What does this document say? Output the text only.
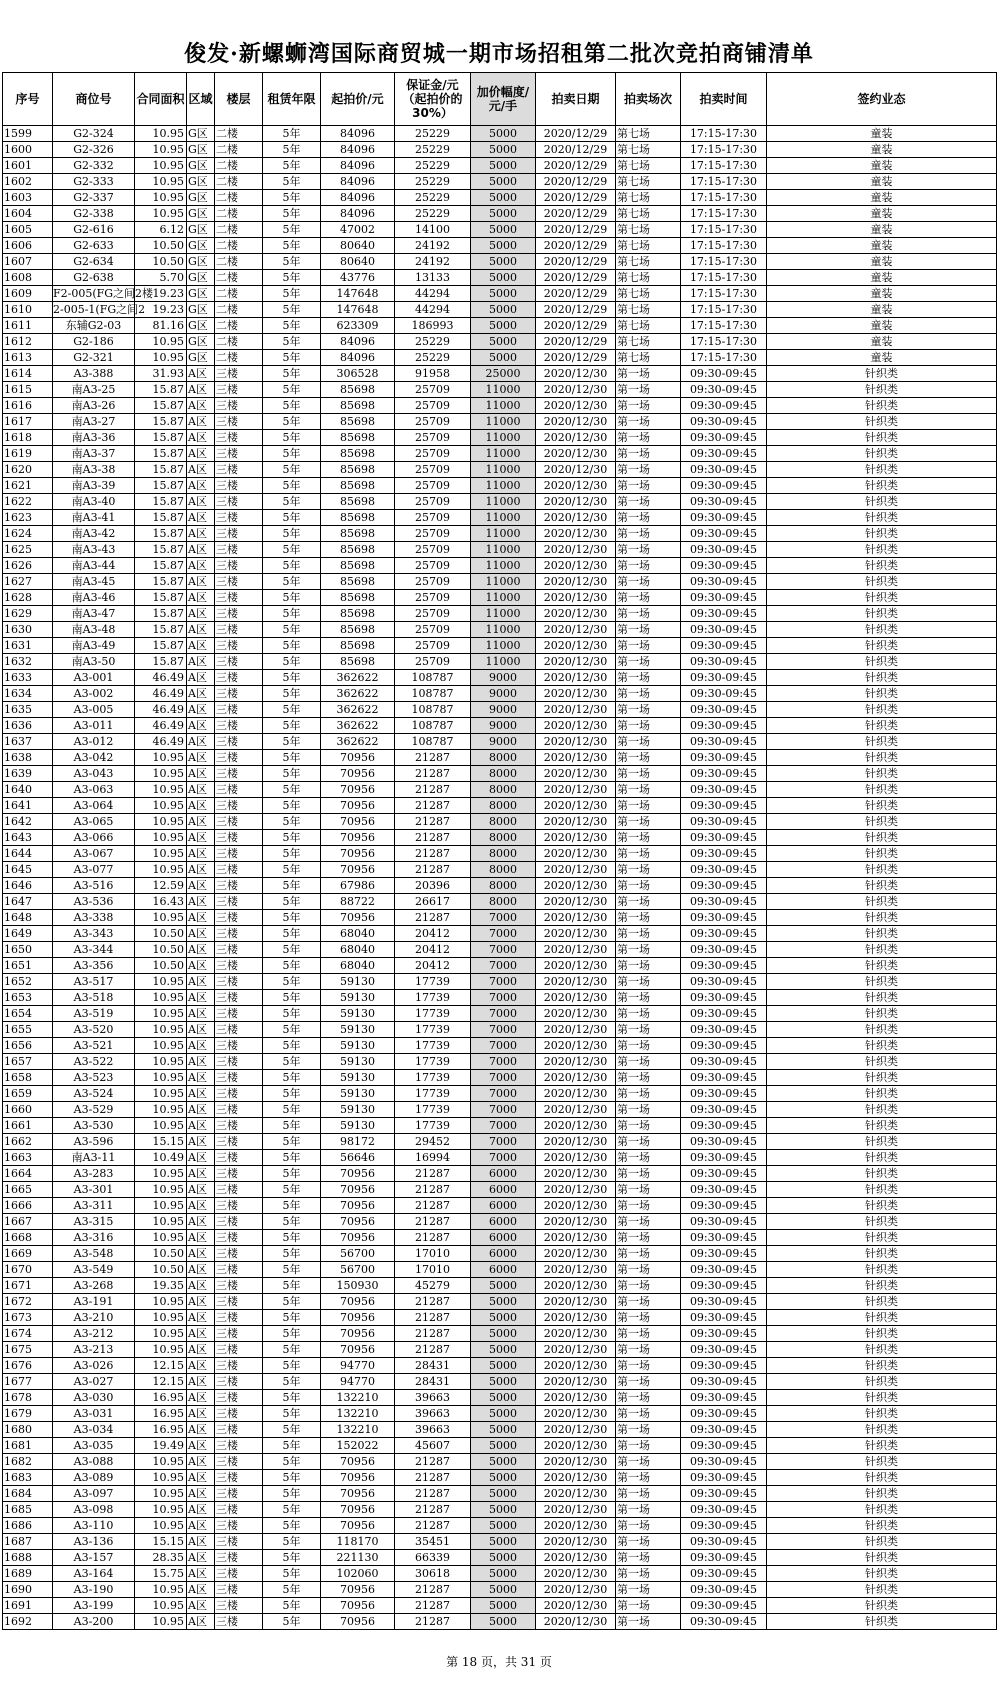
俊发·新螺蛳湾国际商贸城一期市场招租第二批次竞拍商铺清单
序号	商位号	合同面积	区域	楼层	租赁年限	起拍价/元	保证金/元（起拍价的30%）	加价幅度/元/手	拍卖日期	拍卖场次	拍卖时间	签约业态
1599	G2-324	10.95	G区	二楼	5年	84096	25229	5000	2020/12/29	第七场	17:15-17:30	童装
1600	G2-326	10.95	G区	二楼	5年	84096	25229	5000	2020/12/29	第七场	17:15-17:30	童装
1601	G2-332	10.95	G区	二楼	5年	84096	25229	5000	2020/12/29	第七场	17:15-17:30	童装
1602	G2-333	10.95	G区	二楼	5年	84096	25229	5000	2020/12/29	第七场	17:15-17:30	童装
1603	G2-337	10.95	G区	二楼	5年	84096	25229	5000	2020/12/29	第七场	17:15-17:30	童装
1604	G2-338	10.95	G区	二楼	5年	84096	25229	5000	2020/12/29	第七场	17:15-17:30	童装
1605	G2-616	6.12	G区	二楼	5年	47002	14100	5000	2020/12/29	第七场	17:15-17:30	童装
1606	G2-633	10.50	G区	二楼	5年	80640	24192	5000	2020/12/29	第七场	17:15-17:30	童装
1607	G2-634	10.50	G区	二楼	5年	80640	24192	5000	2020/12/29	第七场	17:15-17:30	童装
1608	G2-638	5.70	G区	二楼	5年	43776	13133	5000	2020/12/29	第七场	17:15-17:30	童装
1609	F2-005(FG之间2楼	19.23	G区	二楼	5年	147648	44294	5000	2020/12/29	第七场	17:15-17:30	童装
1610	2-005-1(FG之间2	19.23	G区	二楼	5年	147648	44294	5000	2020/12/29	第七场	17:15-17:30	童装
1611	东辅G2-03	81.16	G区	二楼	5年	623309	186993	5000	2020/12/29	第七场	17:15-17:30	童装
1612	G2-186	10.95	G区	二楼	5年	84096	25229	5000	2020/12/29	第七场	17:15-17:30	童装
1613	G2-321	10.95	G区	二楼	5年	84096	25229	5000	2020/12/29	第七场	17:15-17:30	童装
1614	A3-388	31.93	A区	三楼	5年	306528	91958	25000	2020/12/30	第一场	09:30-09:45	针织类
1615	南A3-25	15.87	A区	三楼	5年	85698	25709	11000	2020/12/30	第一场	09:30-09:45	针织类
1616	南A3-26	15.87	A区	三楼	5年	85698	25709	11000	2020/12/30	第一场	09:30-09:45	针织类
1617	南A3-27	15.87	A区	三楼	5年	85698	25709	11000	2020/12/30	第一场	09:30-09:45	针织类
1618	南A3-36	15.87	A区	三楼	5年	85698	25709	11000	2020/12/30	第一场	09:30-09:45	针织类
1619	南A3-37	15.87	A区	三楼	5年	85698	25709	11000	2020/12/30	第一场	09:30-09:45	针织类
1620	南A3-38	15.87	A区	三楼	5年	85698	25709	11000	2020/12/30	第一场	09:30-09:45	针织类
1621	南A3-39	15.87	A区	三楼	5年	85698	25709	11000	2020/12/30	第一场	09:30-09:45	针织类
1622	南A3-40	15.87	A区	三楼	5年	85698	25709	11000	2020/12/30	第一场	09:30-09:45	针织类
1623	南A3-41	15.87	A区	三楼	5年	85698	25709	11000	2020/12/30	第一场	09:30-09:45	针织类
1624	南A3-42	15.87	A区	三楼	5年	85698	25709	11000	2020/12/30	第一场	09:30-09:45	针织类
1625	南A3-43	15.87	A区	三楼	5年	85698	25709	11000	2020/12/30	第一场	09:30-09:45	针织类
1626	南A3-44	15.87	A区	三楼	5年	85698	25709	11000	2020/12/30	第一场	09:30-09:45	针织类
1627	南A3-45	15.87	A区	三楼	5年	85698	25709	11000	2020/12/30	第一场	09:30-09:45	针织类
1628	南A3-46	15.87	A区	三楼	5年	85698	25709	11000	2020/12/30	第一场	09:30-09:45	针织类
1629	南A3-47	15.87	A区	三楼	5年	85698	25709	11000	2020/12/30	第一场	09:30-09:45	针织类
1630	南A3-48	15.87	A区	三楼	5年	85698	25709	11000	2020/12/30	第一场	09:30-09:45	针织类
1631	南A3-49	15.87	A区	三楼	5年	85698	25709	11000	2020/12/30	第一场	09:30-09:45	针织类
1632	南A3-50	15.87	A区	三楼	5年	85698	25709	11000	2020/12/30	第一场	09:30-09:45	针织类
1633	A3-001	46.49	A区	三楼	5年	362622	108787	9000	2020/12/30	第一场	09:30-09:45	针织类
1634	A3-002	46.49	A区	三楼	5年	362622	108787	9000	2020/12/30	第一场	09:30-09:45	针织类
1635	A3-005	46.49	A区	三楼	5年	362622	108787	9000	2020/12/30	第一场	09:30-09:45	针织类
1636	A3-011	46.49	A区	三楼	5年	362622	108787	9000	2020/12/30	第一场	09:30-09:45	针织类
1637	A3-012	46.49	A区	三楼	5年	362622	108787	9000	2020/12/30	第一场	09:30-09:45	针织类
1638	A3-042	10.95	A区	三楼	5年	70956	21287	8000	2020/12/30	第一场	09:30-09:45	针织类
1639	A3-043	10.95	A区	三楼	5年	70956	21287	8000	2020/12/30	第一场	09:30-09:45	针织类
1640	A3-063	10.95	A区	三楼	5年	70956	21287	8000	2020/12/30	第一场	09:30-09:45	针织类
1641	A3-064	10.95	A区	三楼	5年	70956	21287	8000	2020/12/30	第一场	09:30-09:45	针织类
1642	A3-065	10.95	A区	三楼	5年	70956	21287	8000	2020/12/30	第一场	09:30-09:45	针织类
1643	A3-066	10.95	A区	三楼	5年	70956	21287	8000	2020/12/30	第一场	09:30-09:45	针织类
1644	A3-067	10.95	A区	三楼	5年	70956	21287	8000	2020/12/30	第一场	09:30-09:45	针织类
1645	A3-077	10.95	A区	三楼	5年	70956	21287	8000	2020/12/30	第一场	09:30-09:45	针织类
1646	A3-516	12.59	A区	三楼	5年	67986	20396	8000	2020/12/30	第一场	09:30-09:45	针织类
1647	A3-536	16.43	A区	三楼	5年	88722	26617	8000	2020/12/30	第一场	09:30-09:45	针织类
1648	A3-338	10.95	A区	三楼	5年	70956	21287	7000	2020/12/30	第一场	09:30-09:45	针织类
1649	A3-343	10.50	A区	三楼	5年	68040	20412	7000	2020/12/30	第一场	09:30-09:45	针织类
1650	A3-344	10.50	A区	三楼	5年	68040	20412	7000	2020/12/30	第一场	09:30-09:45	针织类
1651	A3-356	10.50	A区	三楼	5年	68040	20412	7000	2020/12/30	第一场	09:30-09:45	针织类
1652	A3-517	10.95	A区	三楼	5年	59130	17739	7000	2020/12/30	第一场	09:30-09:45	针织类
1653	A3-518	10.95	A区	三楼	5年	59130	17739	7000	2020/12/30	第一场	09:30-09:45	针织类
1654	A3-519	10.95	A区	三楼	5年	59130	17739	7000	2020/12/30	第一场	09:30-09:45	针织类
1655	A3-520	10.95	A区	三楼	5年	59130	17739	7000	2020/12/30	第一场	09:30-09:45	针织类
1656	A3-521	10.95	A区	三楼	5年	59130	17739	7000	2020/12/30	第一场	09:30-09:45	针织类
1657	A3-522	10.95	A区	三楼	5年	59130	17739	7000	2020/12/30	第一场	09:30-09:45	针织类
1658	A3-523	10.95	A区	三楼	5年	59130	17739	7000	2020/12/30	第一场	09:30-09:45	针织类
1659	A3-524	10.95	A区	三楼	5年	59130	17739	7000	2020/12/30	第一场	09:30-09:45	针织类
1660	A3-529	10.95	A区	三楼	5年	59130	17739	7000	2020/12/30	第一场	09:30-09:45	针织类
1661	A3-530	10.95	A区	三楼	5年	59130	17739	7000	2020/12/30	第一场	09:30-09:45	针织类
1662	A3-596	15.15	A区	三楼	5年	98172	29452	7000	2020/12/30	第一场	09:30-09:45	针织类
1663	南A3-11	10.49	A区	三楼	5年	56646	16994	7000	2020/12/30	第一场	09:30-09:45	针织类
1664	A3-283	10.95	A区	三楼	5年	70956	21287	6000	2020/12/30	第一场	09:30-09:45	针织类
1665	A3-301	10.95	A区	三楼	5年	70956	21287	6000	2020/12/30	第一场	09:30-09:45	针织类
1666	A3-311	10.95	A区	三楼	5年	70956	21287	6000	2020/12/30	第一场	09:30-09:45	针织类
1667	A3-315	10.95	A区	三楼	5年	70956	21287	6000	2020/12/30	第一场	09:30-09:45	针织类
1668	A3-316	10.95	A区	三楼	5年	70956	21287	6000	2020/12/30	第一场	09:30-09:45	针织类
1669	A3-548	10.50	A区	三楼	5年	56700	17010	6000	2020/12/30	第一场	09:30-09:45	针织类
1670	A3-549	10.50	A区	三楼	5年	56700	17010	6000	2020/12/30	第一场	09:30-09:45	针织类
1671	A3-268	19.35	A区	三楼	5年	150930	45279	5000	2020/12/30	第一场	09:30-09:45	针织类
1672	A3-191	10.95	A区	三楼	5年	70956	21287	5000	2020/12/30	第一场	09:30-09:45	针织类
1673	A3-210	10.95	A区	三楼	5年	70956	21287	5000	2020/12/30	第一场	09:30-09:45	针织类
1674	A3-212	10.95	A区	三楼	5年	70956	21287	5000	2020/12/30	第一场	09:30-09:45	针织类
1675	A3-213	10.95	A区	三楼	5年	70956	21287	5000	2020/12/30	第一场	09:30-09:45	针织类
1676	A3-026	12.15	A区	三楼	5年	94770	28431	5000	2020/12/30	第一场	09:30-09:45	针织类
1677	A3-027	12.15	A区	三楼	5年	94770	28431	5000	2020/12/30	第一场	09:30-09:45	针织类
1678	A3-030	16.95	A区	三楼	5年	132210	39663	5000	2020/12/30	第一场	09:30-09:45	针织类
1679	A3-031	16.95	A区	三楼	5年	132210	39663	5000	2020/12/30	第一场	09:30-09:45	针织类
1680	A3-034	16.95	A区	三楼	5年	132210	39663	5000	2020/12/30	第一场	09:30-09:45	针织类
1681	A3-035	19.49	A区	三楼	5年	152022	45607	5000	2020/12/30	第一场	09:30-09:45	针织类
1682	A3-088	10.95	A区	三楼	5年	70956	21287	5000	2020/12/30	第一场	09:30-09:45	针织类
1683	A3-089	10.95	A区	三楼	5年	70956	21287	5000	2020/12/30	第一场	09:30-09:45	针织类
1684	A3-097	10.95	A区	三楼	5年	70956	21287	5000	2020/12/30	第一场	09:30-09:45	针织类
1685	A3-098	10.95	A区	三楼	5年	70956	21287	5000	2020/12/30	第一场	09:30-09:45	针织类
1686	A3-110	10.95	A区	三楼	5年	70956	21287	5000	2020/12/30	第一场	09:30-09:45	针织类
1687	A3-136	15.15	A区	三楼	5年	118170	35451	5000	2020/12/30	第一场	09:30-09:45	针织类
1688	A3-157	28.35	A区	三楼	5年	221130	66339	5000	2020/12/30	第一场	09:30-09:45	针织类
1689	A3-164	15.75	A区	三楼	5年	102060	30618	5000	2020/12/30	第一场	09:30-09:45	针织类
1690	A3-190	10.95	A区	三楼	5年	70956	21287	5000	2020/12/30	第一场	09:30-09:45	针织类
1691	A3-199	10.95	A区	三楼	5年	70956	21287	5000	2020/12/30	第一场	09:30-09:45	针织类
1692	A3-200	10.95	A区	三楼	5年	70956	21287	5000	2020/12/30	第一场	09:30-09:45	针织类
第 18 页，共 31 页
